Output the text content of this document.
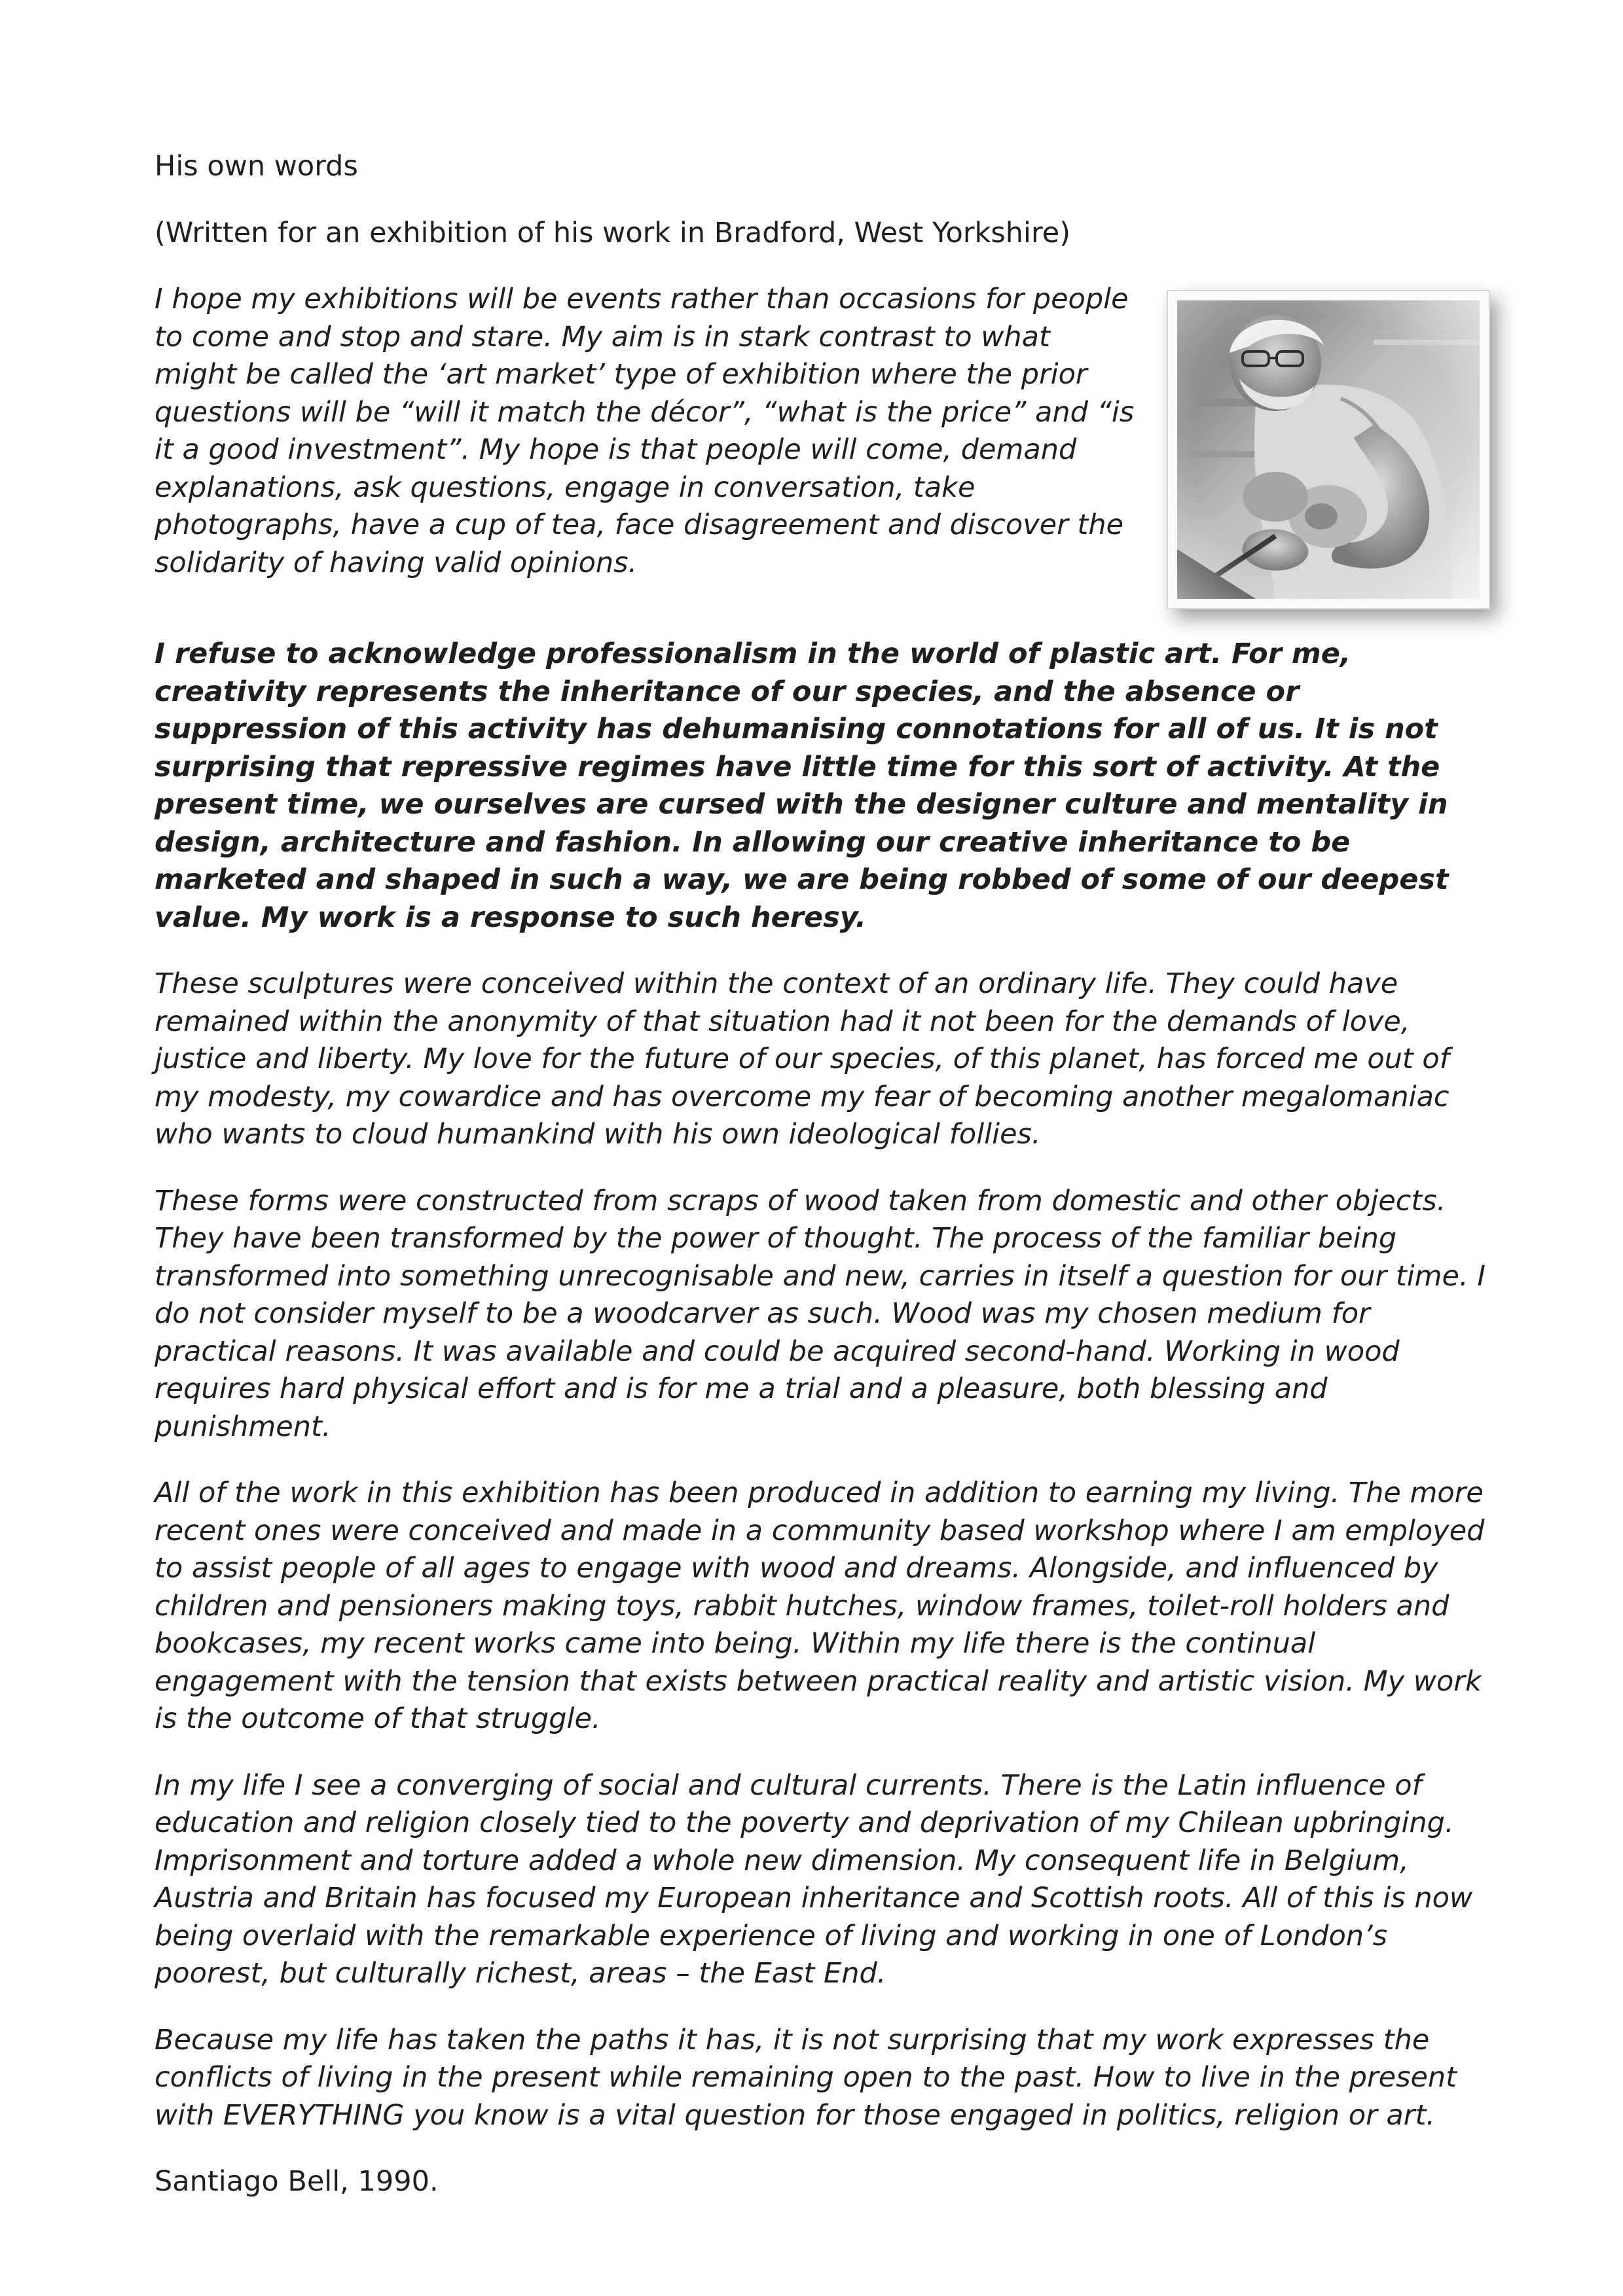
His own words

(Written for an exhibition of his work in Bradford, West Yorkshire)

I hope my exhibitions will be events rather than occasions for people to come and stop and stare. My aim is in stark contrast to what might be called the ‘art market’ type of exhibition where the prior questions will be “will it match the décor”, “what is the price” and “is it a good investment”. My hope is that people will come, demand explanations, ask questions, engage in conversation, take photographs, have a cup of tea, face disagreement and discover the solidarity of having valid opinions.

I refuse to acknowledge professionalism in the world of plastic art. For me, creativity represents the inheritance of our species, and the absence or suppression of this activity has dehumanising connotations for all of us. It is not surprising that repressive regimes have little time for this sort of activity. At the present time, we ourselves are cursed with the designer culture and mentality in design, architecture and fashion. In allowing our creative inheritance to be marketed and shaped in such a way, we are being robbed of some of our deepest value. My work is a response to such heresy.

These sculptures were conceived within the context of an ordinary life. They could have remained within the anonymity of that situation had it not been for the demands of love, justice and liberty. My love for the future of our species, of this planet, has forced me out of my modesty, my cowardice and has overcome my fear of becoming another megalomaniac who wants to cloud humankind with his own ideological follies.

These forms were constructed from scraps of wood taken from domestic and other objects. They have been transformed by the power of thought. The process of the familiar being transformed into something unrecognisable and new, carries in itself a question for our time. I do not consider myself to be a woodcarver as such. Wood was my chosen medium for practical reasons. It was available and could be acquired second-hand. Working in wood requires hard physical effort and is for me a trial and a pleasure, both blessing and punishment.

All of the work in this exhibition has been produced in addition to earning my living. The more recent ones were conceived and made in a community based workshop where I am employed to assist people of all ages to engage with wood and dreams. Alongside, and influenced by children and pensioners making toys, rabbit hutches, window frames, toilet-roll holders and bookcases, my recent works came into being. Within my life there is the continual engagement with the tension that exists between practical reality and artistic vision. My work is the outcome of that struggle.

In my life I see a converging of social and cultural currents. There is the Latin influence of education and religion closely tied to the poverty and deprivation of my Chilean upbringing. Imprisonment and torture added a whole new dimension. My consequent life in Belgium, Austria and Britain has focused my European inheritance and Scottish roots. All of this is now being overlaid with the remarkable experience of living and working in one of London’s poorest, but culturally richest, areas – the East End.

Because my life has taken the paths it has, it is not surprising that my work expresses the conflicts of living in the present while remaining open to the past. How to live in the present with EVERYTHING you know is a vital question for those engaged in politics, religion or art.

Santiago Bell, 1990.
